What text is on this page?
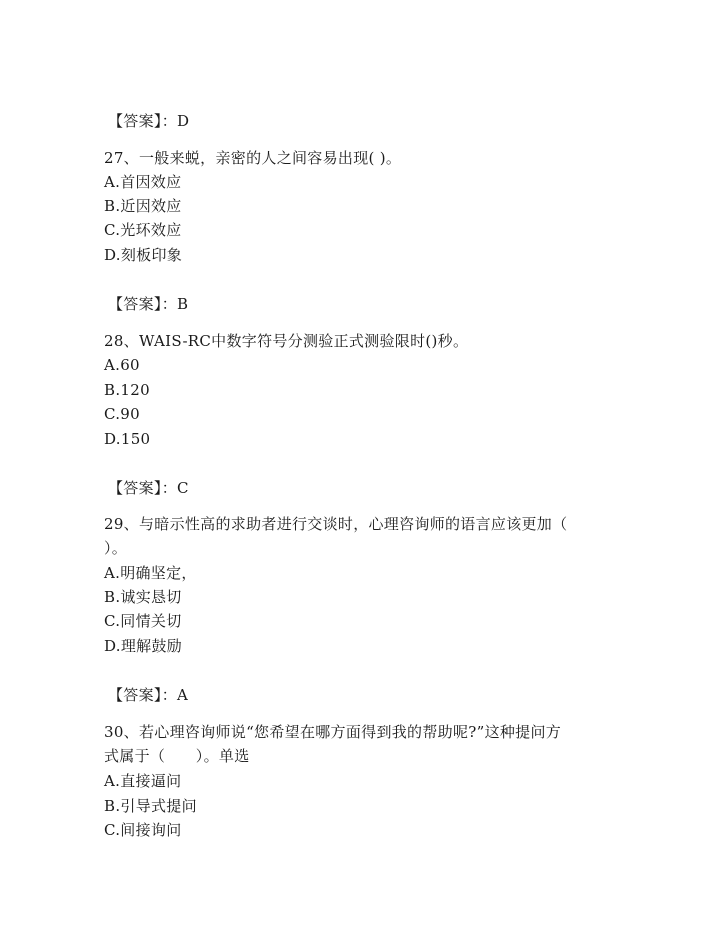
【答案】：D
27、一般来蜕，亲密的人之间容易出现( )。
A.首因效应
B.近因效应
C.光环效应
D.刻板印象
【答案】：B
28、WAIS-RC中数字符号分测验正式测验限时()秒。
A.60
B.120
C.90
D.150
【答案】：C
29、与暗示性高的求助者进行交谈时，心理咨询师的语言应该更加（
）。
A.明确坚定，
B.诚实恳切
C.同情关切
D.理解鼓励
【答案】：A
30、若心理咨询师说“您希望在哪方面得到我的帮助呢?”这种提问方
式属于（　　）。单选
A.直接逼问
B.引导式提问
C.间接询问
